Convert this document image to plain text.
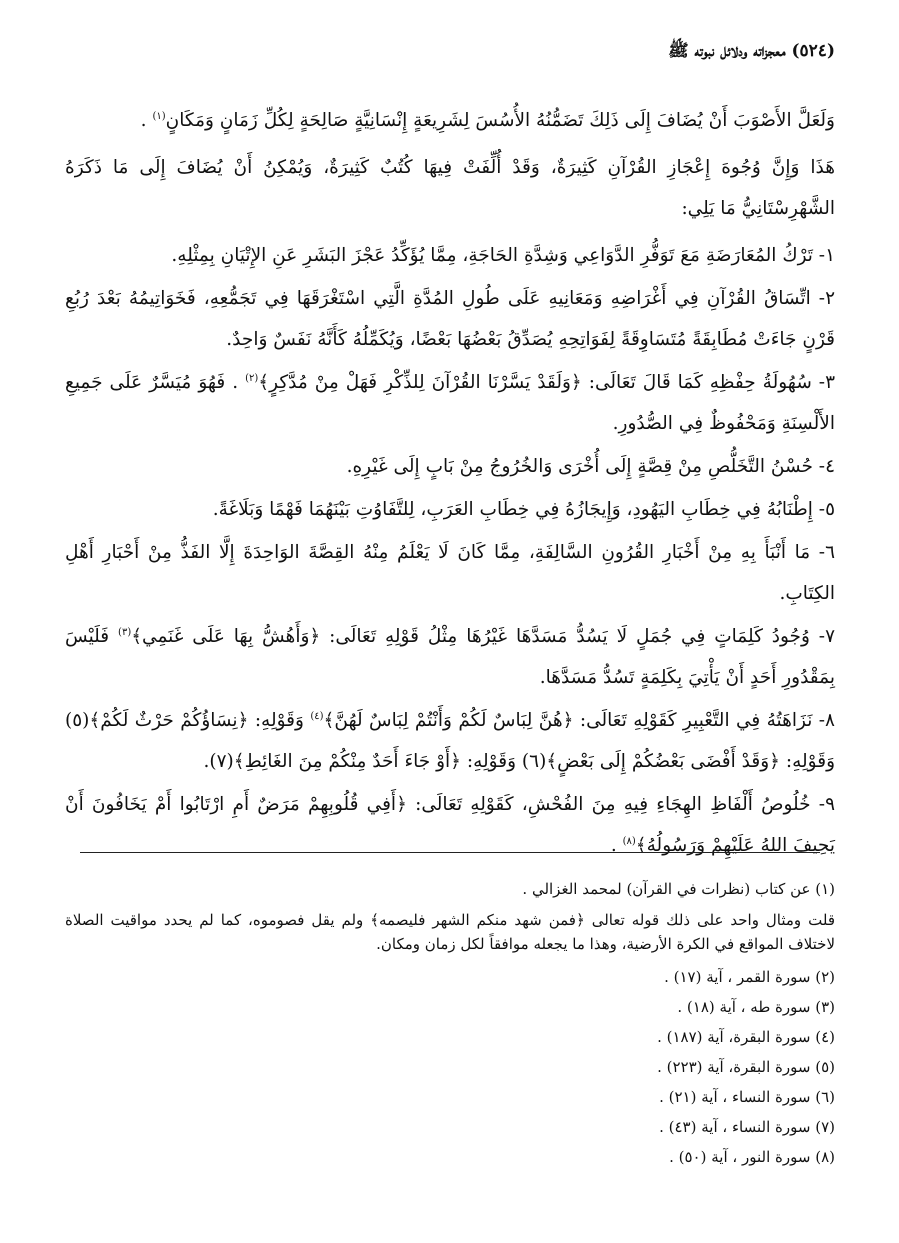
(٥٢٤) معجزاته ودلائل نبوته ﷺ

وَلَعَلَّ الأَصْوَبَ أَنْ يُضَافَ إِلَى ذَلِكَ تَضَمُّنُهُ الأُسُسَ لِشَرِيعَةٍ إِنْسَانِيَّةٍ صَالِحَةٍ لِكُلِّ زَمَانٍ وَمَكَانٍ$^{(١)}$ .

هَذَا وَإِنَّ وُجُوهَ إِعْجَازِ القُرْآنِ كَثِيرَةٌ، وَقَدْ أُلِّفَتْ فِيهَا كُتُبٌ كَثِيرَةٌ، وَيُمْكِنُ أَنْ يُضَافَ إِلَى مَا ذَكَرَهُ الشَّهْرِسْتَانِيُّ مَا يَلِي:

١- تَرْكُ المُعَارَضَةِ مَعَ تَوَفُّرِ الدَّوَاعِي وَشِدَّةِ الحَاجَةِ، مِمَّا يُؤَكِّدُ عَجْزَ البَشَرِ عَنِ الإِتْيَانِ بِمِثْلِهِ.

٢- اتِّسَاقُ القُرْآنِ فِي أَغْرَاضِهِ وَمَعَانِيهِ عَلَى طُولِ المُدَّةِ الَّتِي اسْتَغْرَقَهَا فِي تَجَمُّعِهِ، فَخَوَاتِيمُهُ بَعْدَ رُبُعِ قَرْنٍ جَاءَتْ مُطَابِقَةً مُتَسَاوِقَةً لِفَوَاتِحِهِ يُصَدِّقُ بَعْضُهَا بَعْضًا، وَيُكَمِّلُهُ كَأَنَّهُ نَفَسٌ وَاحِدٌ.

٣- سُهُولَةُ حِفْظِهِ كَمَا قَالَ تَعَالَى: ﴿وَلَقَدْ يَسَّرْنَا القُرْآنَ لِلذِّكْرِ فَهَلْ مِنْ مُدَّكِرٍ﴾$^{(٢)}$ . فَهُوَ مُيَسَّرٌ عَلَى جَمِيعِ الأَلْسِنَةِ وَمَحْفُوظٌ فِي الصُّدُورِ.

٤- حُسْنُ التَّخَلُّصِ مِنْ قِصَّةٍ إِلَى أُخْرَى وَالخُرُوجُ مِنْ بَابٍ إِلَى غَيْرِهِ.

٥- إِطْنَابُهُ فِي خِطَابِ اليَهُودِ، وَإِيجَازُهُ فِي خِطَابِ العَرَبِ، لِلتَّفَاوُتِ بَيْنَهُمَا فَهْمًا وَبَلَاغَةً.

٦- مَا أَنْبَأَ بِهِ مِنْ أَخْبَارِ القُرُونِ السَّالِفَةِ، مِمَّا كَانَ لَا يَعْلَمُ مِنْهُ القِصَّةَ الوَاحِدَةَ إِلَّا الفَذُّ مِنْ أَحْبَارِ أَهْلِ الكِتَابِ.

٧- وُجُودُ كَلِمَاتٍ فِي جُمَلٍ لَا يَسُدُّ مَسَدَّهَا غَيْرُهَا مِثْلُ قَوْلِهِ تَعَالَى: ﴿وَأَهُشُّ بِهَا عَلَى غَنَمِي﴾$^{(٣)}$ فَلَيْسَ بِمَقْدُورِ أَحَدٍ أَنْ يَأْتِيَ بِكَلِمَةٍ تَسُدُّ مَسَدَّهَا.

٨- نَزَاهَتُهُ فِي التَّعْبِيرِ كَقَوْلِهِ تَعَالَى: ﴿هُنَّ لِبَاسٌ لَكُمْ وَأَنْتُمْ لِبَاسٌ لَهُنَّ﴾$^{(٤)}$ وَقَوْلِهِ: ﴿نِسَاؤُكُمْ حَرْثٌ لَكُمْ﴾(٥) وَقَوْلِهِ: ﴿وَقَدْ أَفْضَى بَعْضُكُمْ إِلَى بَعْضٍ﴾(٦) وَقَوْلِهِ: ﴿أَوْ جَاءَ أَحَدٌ مِنْكُمْ مِنَ الغَائِطِ﴾(٧).

٩- خُلُوصُ أَلْفَاظِ الهِجَاءِ فِيهِ مِنَ الفُحْشِ، كَقَوْلِهِ تَعَالَى: ﴿أَفِي قُلُوبِهِمْ مَرَضٌ أَمِ ارْتَابُوا أَمْ يَخَافُونَ أَنْ يَحِيفَ اللهُ عَلَيْهِمْ وَرَسُولُهُ﴾$^{(٨)}$ .

(١) عن كتاب (نظرات في القرآن) لمحمد الغزالي .
قلت ومثال واحد على ذلك قوله تعالى ﴿فمن شهد منكم الشهر فليصمه﴾ ولم يقل فصوموه، كما لم يحدد مواقيت الصلاة لاختلاف المواقع في الكرة الأرضية، وهذا ما يجعله موافقاً لكل زمان ومكان.
(٢) سورة القمر ، آية (١٧) .
(٣) سورة طه ، آية (١٨) .
(٤) سورة البقرة، آية (١٨٧) .
(٥) سورة البقرة، آية (٢٢٣) .
(٦) سورة النساء ، آية (٢١) .
(٧) سورة النساء ، آية (٤٣) .
(٨) سورة النور ، آية (٥٠) .
